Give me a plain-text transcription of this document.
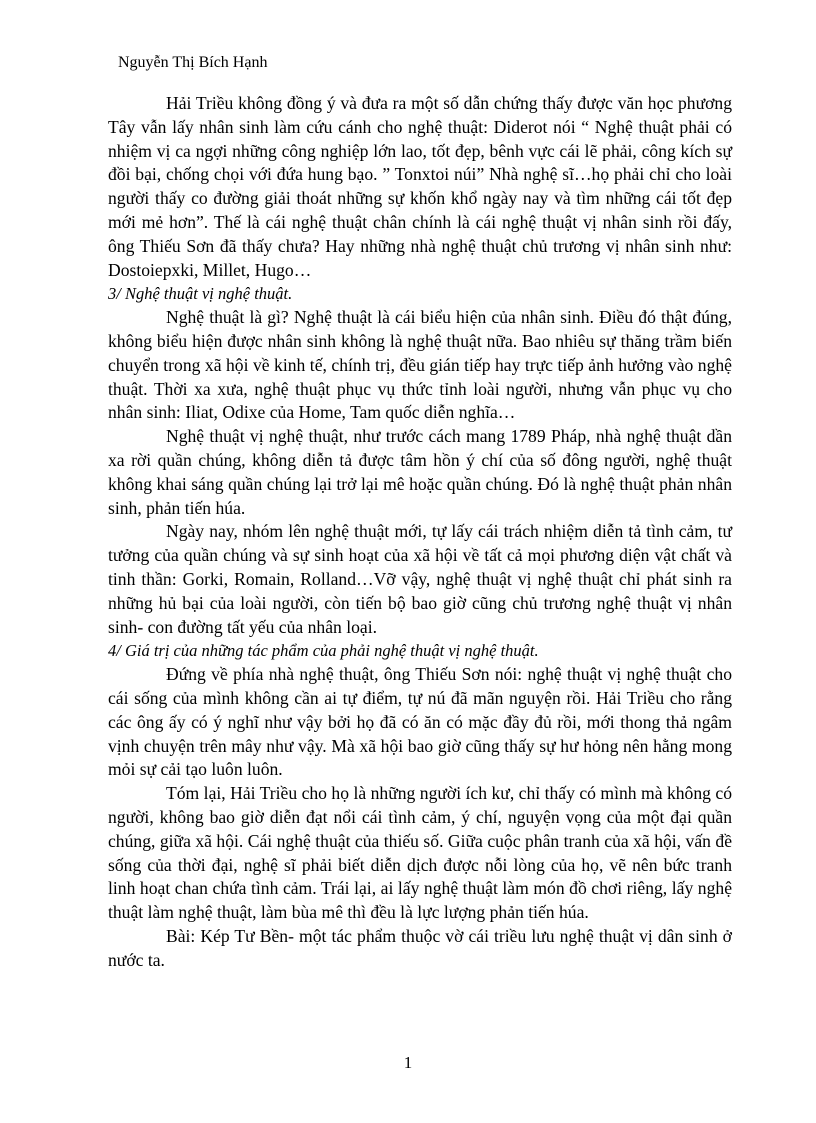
Nguyễn Thị Bích Hạnh

Hải Triều không đồng ý và đưa ra một số dẫn chứng thấy được văn học phương Tây vẫn lấy nhân sinh làm cứu cánh cho nghệ thuật: Diderot nói “ Nghệ thuật phải có nhiệm vị ca ngợi những công nghiệp lớn lao, tốt đẹp, bênh vực cái lẽ phải, công kích sự đồi bại, chống chọi với đứa hung bạo. ” Tonxtoi núi” Nhà nghệ sĩ…họ phải chỉ cho loài người thấy co đường giải thoát những sự khốn khổ ngày nay và tìm những cái tốt đẹp mới mẻ hơn”. Thế là cái nghệ thuật chân chính là cái nghệ thuật vị nhân sinh rồi đấy, ông Thiếu Sơn đã thấy chưa? Hay những nhà nghệ thuật chủ trương vị nhân sinh như: Dostoiepxki, Millet, Hugo…

3/ Nghệ thuật vị nghệ thuật.

Nghệ thuật là gì? Nghệ thuật là cái biểu hiện của nhân sinh. Điều đó thật đúng, không biểu hiện được nhân sinh không là nghệ thuật nữa. Bao nhiêu sự thăng trầm biến chuyển trong xã hội về kinh tế, chính trị, đều gián tiếp hay trực tiếp ảnh hưởng vào nghệ thuật. Thời xa xưa, nghệ thuật phục vụ thức tỉnh loài người, nhưng vẫn phục vụ cho nhân sinh: Iliat, Odixe của Home, Tam quốc diễn nghĩa…

Nghệ thuật vị nghệ thuật, như trước cách mang 1789 Pháp, nhà nghệ thuật dần xa rời quần chúng, không diễn tả được tâm hồn ý chí của số đông người, nghệ thuật không khai sáng quần chúng lại trở lại mê hoặc quần chúng. Đó là nghệ thuật phản nhân sinh, phản tiến húa.

Ngày nay, nhóm lên nghệ thuật mới, tự lấy cái trách nhiệm diễn tả tình cảm, tư tưởng của quần chúng và sự sinh hoạt của xã hội về tất cả mọi phương diện vật chất và tinh thần: Gorki, Romain, Rolland…Vỡ vậy, nghệ thuật vị nghệ thuật chỉ phát sinh ra những hủ bại của loài người, còn tiến bộ bao giờ cũng chủ trương nghệ thuật vị nhân sinh- con đường tất yếu của nhân loại.

4/ Giá trị của những tác phẩm của phải nghệ thuật vị nghệ thuật.

Đứng về phía nhà nghệ thuật, ông Thiếu Sơn nói: nghệ thuật vị nghệ thuật cho cái sống của mình không cần ai tự điểm, tự nú đã mãn nguyện rồi. Hải Triều cho rằng các ông ấy có ý nghĩ như vậy bởi họ đã có ăn có mặc đầy đủ rồi, mới thong thả ngâm vịnh chuyện trên mây như vậy. Mà xã hội bao giờ cũng thấy sự hư hỏng nên hằng mong mỏi sự cải tạo luôn luôn.

Tóm lại, Hải Triều cho họ là những người ích kư, chỉ thấy có mình mà không có người, không bao giờ diễn đạt nổi cái tình cảm, ý chí, nguyện vọng của một đại quần chúng, giữa xã hội. Cái nghệ thuật của thiếu số. Giữa cuộc phân tranh của xã hội, vấn đề sống của thời đại, nghệ sĩ phải biết diễn dịch được nỗi lòng của họ, vẽ nên bức tranh linh hoạt chan chứa tình cảm. Trái lại, ai lấy nghệ thuật làm món đồ chơi riêng, lấy nghệ thuật làm nghệ thuật, làm bùa mê thì đều là lực lượng phản tiến húa.

Bài: Kép Tư Bền- một tác phẩm thuộc vờ cái triều lưu nghệ thuật vị dân sinh ở nước ta.

1
